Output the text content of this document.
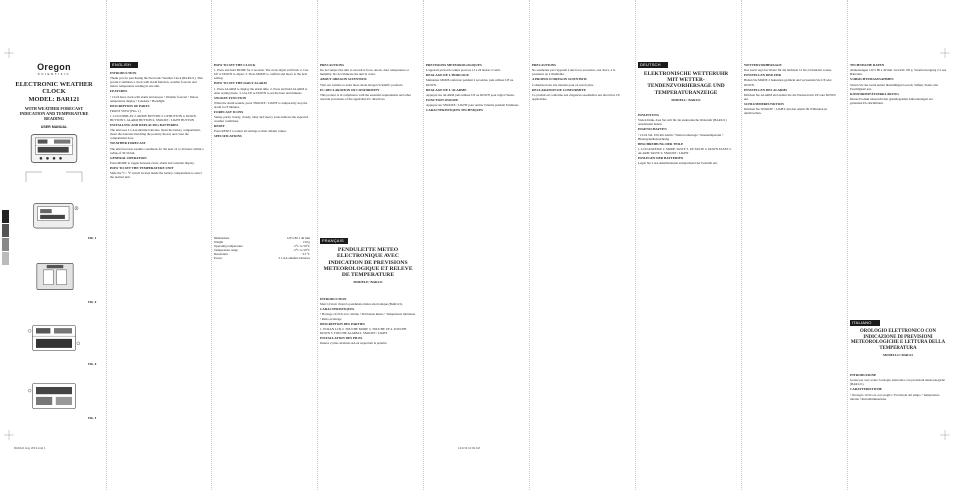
Oregon
SCIENTIFIC
ELECTRONIC WEATHER CLOCK
MODEL: BAR121
WITH WEATHER FORECAST INDICATION AND TEMPERATURE READING
USER MANUAL
ENGLISH
INTRODUCTION

Thank you for purchasing the Electronic Weather Clock (BAR121). This product combines a clock with alarm function, weather forecast and indoor temperature reading in one unit.

FEATURES

• 12/24 hour clock with alarm and snooze • Weather forecast • Indoor temperature display • Calendar • Backlight

DESCRIPTION OF PARTS

FRONT VIEW (FIG. 1)

1. LCD DISPLAY 2. MODE BUTTON 3. UP BUTTON 4. DOWN BUTTON 5. ALARM BUTTON 6. SNOOZE / LIGHT BUTTON

INSTALLING AND REPLACING BATTERIES

The unit uses 2 x AA alkaline batteries. Open the battery compartment, insert the batteries matching the polarity shown, and close the compartment door.

WEATHER FORECAST

The unit forecasts weather conditions for the next 12 to 24 hours within a radius of 30-50 km.

GENERAL OPERATION

Press MODE to toggle between clock, alarm and calendar display.

HOW TO SET THE TEMPERATURE UNIT

Slide the °C / °F switch located inside the battery compartment to select the desired unit.

HOW TO SET THE CLOCK

1. Press and hold MODE for 2 seconds. The clock digits will flash. 2. Use UP or DOWN to adjust. 3. Press MODE to confirm and move to the next setting.

HOW TO SET THE DAILY ALARM

1. Press ALARM to display the alarm time. 2. Press and hold ALARM to enter setting mode. 3. Use UP or DOWN to set the hour and minutes.

SNOOZE FUNCTION

When the alarm sounds, press SNOOZE / LIGHT to temporarily stop the alarm for 8 minutes.

FORECAST ICONS

Sunny, partly cloudy, cloudy, rainy and snowy icons indicate the expected weather conditions.

RESET

Press RESET to return all settings to their default values.

SPECIFICATIONS
1
FIG. 1
FIG. 2
FIG. 3
FIG. 4
Dimensions	120 x 80 x 40 mm
Weight	150 g
Operating temperature	-5°C to 50°C
Temperature range	-5°C to 50°C
Resolution	0.1°C
Power	2 x AA alkaline batteries
PRECAUTIONS

Do not subject the unit to excessive force, shock, dust, temperature or humidity. Do not immerse the unit in water.

ABOUT OREGON SCIENTIFIC

Visit our website to learn more about Oregon Scientific products.

EC-DECLARATION OF CONFORMITY

This product is in compliance with the essential requirements and other relevant provisions of the applicable EC directives.

FRANÇAIS
PENDULETTE METEO ELECTRONIQUE AVEC INDICATION DE PREVISIONS METEOROLOGIQUE ET RELEVE DE TEMPERATURE
MODELE: BAR121
INTRODUCTION

Merci d'avoir choisi la pendulette météo électronique (BAR121).

CARACTERISTIQUES

• Horloge 12/24 h avec alarme • Prévisions météo • Température intérieure • Rétro-éclairage

DESCRIPTION DES PARTIES

1. ECRAN LCD 2. TOUCHE MODE 3. TOUCHE UP 4. TOUCHE DOWN 5. TOUCHE ALARM 6. SNOOZE / LIGHT

INSTALLATION DES PILES

Insérez 2 piles alcalines AA en respectant la polarité.

PREVISIONS METEOROLOGIQUES

L'appareil prévoit le temps pour les 12 à 24 heures à venir.

REGLAGE DE L'HORLOGE

Maintenez MODE enfoncée pendant 2 secondes, puis utilisez UP ou DOWN.

REGLAGE DE L'ALARME

Appuyez sur ALARM puis utilisez UP ou DOWN pour régler l'heure.

FONCTION SNOOZE

Appuyez sur SNOOZE / LIGHT pour arrêter l'alarme pendant 8 minutes.

CARACTERISTIQUES TECHNIQUES
PRECAUTIONS

Ne soumettez pas l'appareil à une force excessive, aux chocs, à la poussière ou à l'humidité.

A PROPOS D'OREGON SCIENTIFIC

Consultez notre site internet pour en savoir plus.

DECLARATION DE CONFORMITE

Ce produit est conforme aux exigences essentielles des directives CE applicables.

DEUTSCH
ELEKTRONISCHE WETTERUHR MIT WETTER-TENDENZVORHERSAGE UND TEMPERATURANZEIGE
MODELL: BAR121
EINLEITUNG

Vielen Dank, dass Sie sich für die elektronische Wetteruhr (BAR121) entschieden haben.

EIGENSCHAFTEN

• 12/24 Std. Uhr mit Alarm • Wettervorhersage • Innentemperatur • Hintergrundbeleuchtung

BESCHREIBUNG DER TEILE

1. LCD ANZEIGE 2. MODE TASTE 3. UP TASTE 4. DOWN TASTE 5. ALARM TASTE 6. SNOOZE / LIGHT

EINLEGEN DER BATTERIEN

Legen Sie 2 AA Alkalibatterien entsprechend der Polarität ein.

WETTERVORHERSAGE

Das Gerät sagt das Wetter für die nächsten 12 bis 24 Stunden voraus.

EINSTELLEN DER UHR

Halten Sie MODE 2 Sekunden gedrückt und verwenden Sie UP oder DOWN.

EINSTELLEN DES ALARMS

Drücken Sie ALARM und stellen Sie die Weckzeit mit UP oder DOWN ein.

SCHLUMMERFUNKTION

Drücken Sie SNOOZE / LIGHT, um den Alarm für 8 Minuten zu unterbrechen.

TECHNISCHE DATEN

Abmessungen 120 x 80 x 40 mm. Gewicht 150 g. Stromversorgung 2 x AA Batterien.

VORSICHTSMASSNAHMEN

Setzen Sie das Gerät keiner übermäßigen Gewalt, Stößen, Staub oder Feuchtigkeit aus.

KONFORMITÄTSERKLÄRUNG

Dieses Produkt entspricht den grundlegenden Anforderungen der geltenden EG-Richtlinien.

ITALIANO
OROLOGIO ELETTRONICO CON INDICAZIONE DI PREVISIONI METEOROLOGICHE E LETTURA DELLA TEMPERATURA
MODELLO: BAR121
INTRODUZIONE

Grazie per aver scelto l'orologio elettronico con previsioni meteorologiche (BAR121).

CARATTERISTICHE

• Orologio 12/24 ore con sveglia • Previsioni del tempo • Temperatura interna • Retroilluminazione

BAR121 Eng 2019.indd 1	14/2/19 10:09 AM
